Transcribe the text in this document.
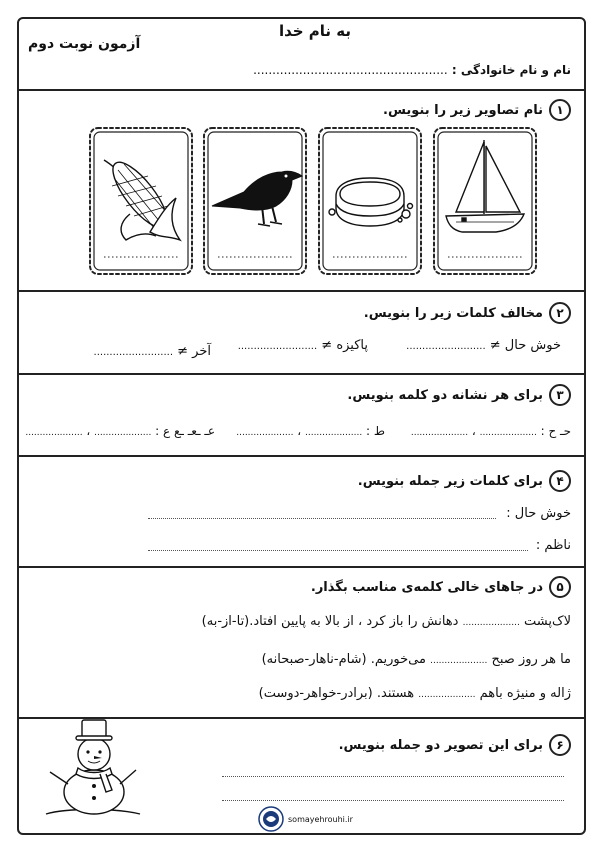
به نام خدا
آزمون نوبت دوم
نام و نام خانوادگی : ...................................................
۱
نام تصاویر زیر را بنویس.
۲
مخالف کلمات زیر را بنویس.
خوش حال ≠ .........................
پاکیزه ≠ .........................
آخر ≠ .........................
۳
برای هر نشانه دو کلمه بنویس.
حـ ح : .................... ، ....................
ط : .................... ، ....................
عـ ـعـ ـع ع : .................... ، ....................
۴
برای کلمات زیر جمله بنویس.
خوش حال :
ناظم :
۵
در جاهای خالی کلمه‌ی مناسب بگذار.
لاک‌پشت .................... دهانش را باز کرد ، از بالا به پایین افتاد.(تا-از-به)
ما هر روز صبح .................... می‌خوریم. (شام-ناهار-صبحانه)
ژاله و منیژه باهم .................... هستند. (برادر-خواهر-دوست)
۶
برای این تصویر دو جمله بنویس.
somayehrouhi.ir
